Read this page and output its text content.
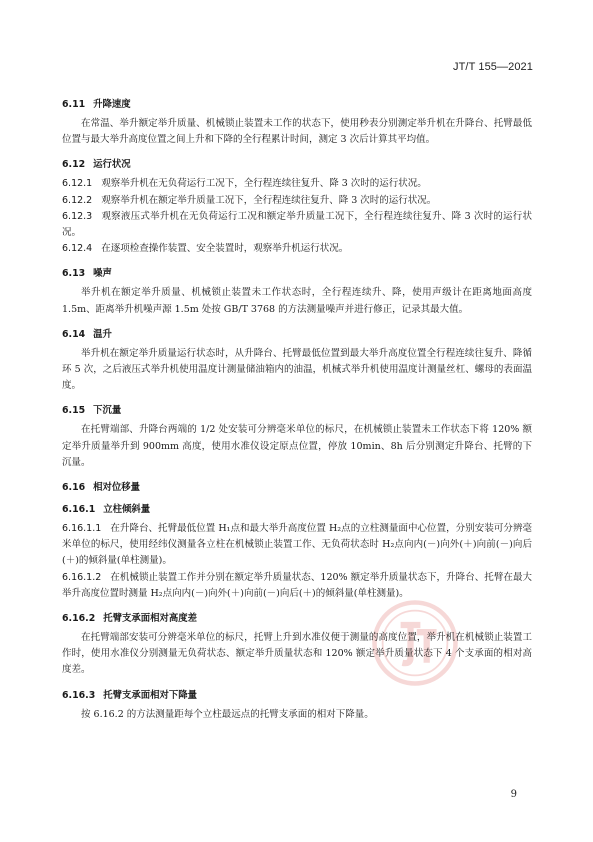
JT/T 155—2021
6.11 升降速度

在常温、举升额定举升质量、机械锁止装置未工作的状态下，使用秒表分别测定举升机在升降台、托臂最低位置与最大举升高度位置之间上升和下降的全行程累计时间，测定 3 次后计算其平均值。

6.12 运行状况

6.12.1 观察举升机在无负荷运行工况下，全行程连续往复升、降 3 次时的运行状况。

6.12.2 观察举升机在额定举升质量工况下，全行程连续往复升、降 3 次时的运行状况。

6.12.3 观察液压式举升机在无负荷运行工况和额定举升质量工况下，全行程连续往复升、降 3 次时的运行状况。

6.12.4 在逐项检查操作装置、安全装置时，观察举升机运行状况。

6.13 噪声

举升机在额定举升质量、机械锁止装置未工作状态时，全行程连续升、降，使用声级计在距离地面高度 1.5m、距离举升机噪声源 1.5m 处按 GB/T 3768 的方法测量噪声并进行修正，记录其最大值。

6.14 温升

举升机在额定举升质量运行状态时，从升降台、托臂最低位置到最大举升高度位置全行程连续往复升、降循环 5 次，之后液压式举升机使用温度计测量储油箱内的油温，机械式举升机使用温度计测量丝杠、螺母的表面温度。

6.15 下沉量

在托臂端部、升降台两端的 1/2 处安装可分辨毫米单位的标尺，在机械锁止装置未工作状态下将 120% 额定举升质量举升到 900mm 高度，使用水准仪设定原点位置，停放 10min、8h 后分别测定升降台、托臂的下沉量。

6.16 相对位移量
6.16.1 立柱倾斜量

6.16.1.1 在升降台、托臂最低位置 H₁点和最大举升高度位置 H₂点的立柱测量面中心位置，分别安装可分辨毫米单位的标尺，使用经纬仪测量各立柱在机械锁止装置工作、无负荷状态时 H₂点向内(－)向外(＋)向前(－)向后(＋)的倾斜量(单柱测量)。

6.16.1.2 在机械锁止装置工作并分别在额定举升质量状态、120% 额定举升质量状态下，升降台、托臂在最大举升高度位置时测量 H₂点向内(－)向外(＋)向前(－)向后(＋)的倾斜量(单柱测量)。

6.16.2 托臂支承面相对高度差

在托臂端部安装可分辨毫米单位的标尺，托臂上升到水准仪便于测量的高度位置，举升机在机械锁止装置工作时，使用水准仪分别测量无负荷状态、额定举升质量状态和 120% 额定举升质量状态下 4 个支承面的相对高度差。

6.16.3 托臂支承面相对下降量

按 6.16.2 的方法测量距每个立柱最远点的托臂支承面的相对下降量。

9
